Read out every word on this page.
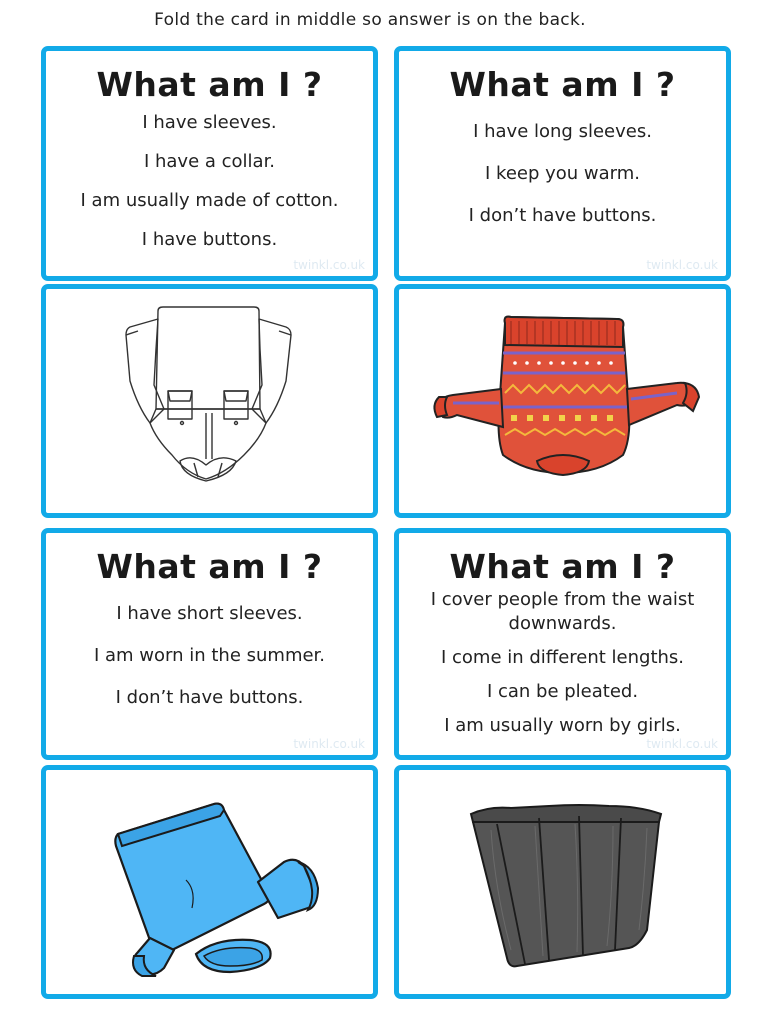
Fold the card in middle so answer is on the back.
What am I ?
I have sleeves.
I have a collar.
I am usually made of cotton.
I have buttons.
twinkl.co.uk
What am I ?
I have long sleeves.
I keep you warm.
I don’t have buttons.
twinkl.co.uk
What am I ?
I have short sleeves.
I am worn in the summer.
I don’t have buttons.
twinkl.co.uk
What am I ?
I cover people from the waist downwards.
I come in different lengths.
I can be pleated.
I am usually worn by girls.
twinkl.co.uk
